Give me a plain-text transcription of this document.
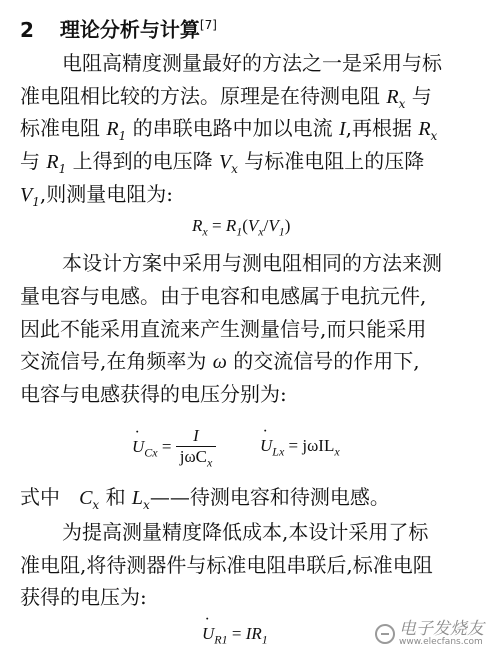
2 理论分析与计算[7]
电阻高精度测量最好的方法之一是采用与标
准电阻相比较的方法。原理是在待测电阻 $R_x$ 与
标准电阻 $R_1$ 的串联电路中加以电流 I,再根据 $R_x$
与 $R_1$ 上得到的电压降 $V_x$ 与标准电阻上的压降
$V_1$,则测量电阻为:
$R_x = R_1(V_x/V_1)$
本设计方案中采用与测电阻相同的方法来测
量电容与电感。由于电容和电感属于电抗元件,
因此不能采用直流来产生测量信号,而只能采用
交流信号,在角频率为 ω 的交流信号的作用下,
电容与电感获得的电压分别为:
· $U_{Cx} = \frac{I}{j\omega C_x}$
·	$U_{Lx} = j\omega IL_x$
式中 $C_x$ 和 $L_x——$待测电容和待测电感。
为提高测量精度降低成本,本设计采用了标
准电阻,将待测器件与标准电阻串联后,标准电阻
获得的电压为:
· $U_{R1} = IR_1$
电子发烧友
www.elecfans.com
